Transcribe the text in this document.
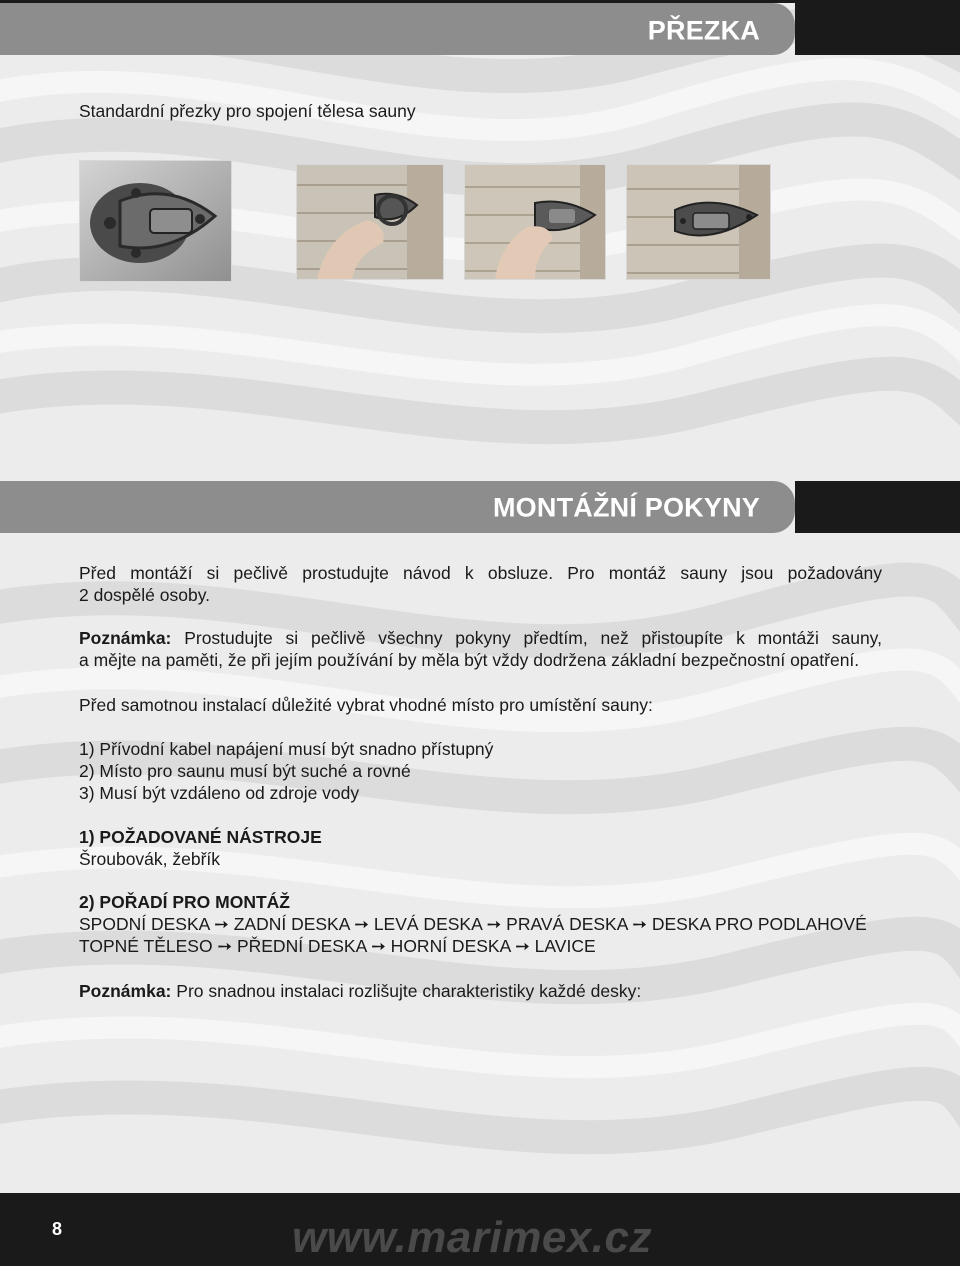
PŘEZKA
Standardní přezky pro spojení tělesa sauny
MONTÁŽNÍ POKYNY
Před montáží si pečlivě prostudujte návod k obsluze. Pro montáž sauny jsou požadovány
2 dospělé osoby.
Poznámka: Prostudujte si pečlivě všechny pokyny předtím, než přistoupíte k montáži sauny,
a mějte na paměti, že při jejím používání by měla být vždy dodržena základní bezpečnostní opatření.
Před samotnou instalací důležité vybrat vhodné místo pro umístění sauny:
1) Přívodní kabel napájení musí být snadno přístupný
2) Místo pro saunu musí být suché a rovné
3) Musí být vzdáleno od zdroje vody
1) POŽADOVANÉ NÁSTROJE
Šroubovák, žebřík
2) POŘADÍ PRO MONTÁŽ
SPODNÍ DESKA ➙ ZADNÍ DESKA ➙ LEVÁ DESKA ➙ PRAVÁ DESKA ➙ DESKA PRO PODLAHOVÉ
TOPNÉ TĚLESO ➙ PŘEDNÍ DESKA ➙ HORNÍ DESKA ➙ LAVICE
Poznámka: Pro snadnou instalaci rozlišujte charakteristiky každé desky:
8	www.marimex.cz
